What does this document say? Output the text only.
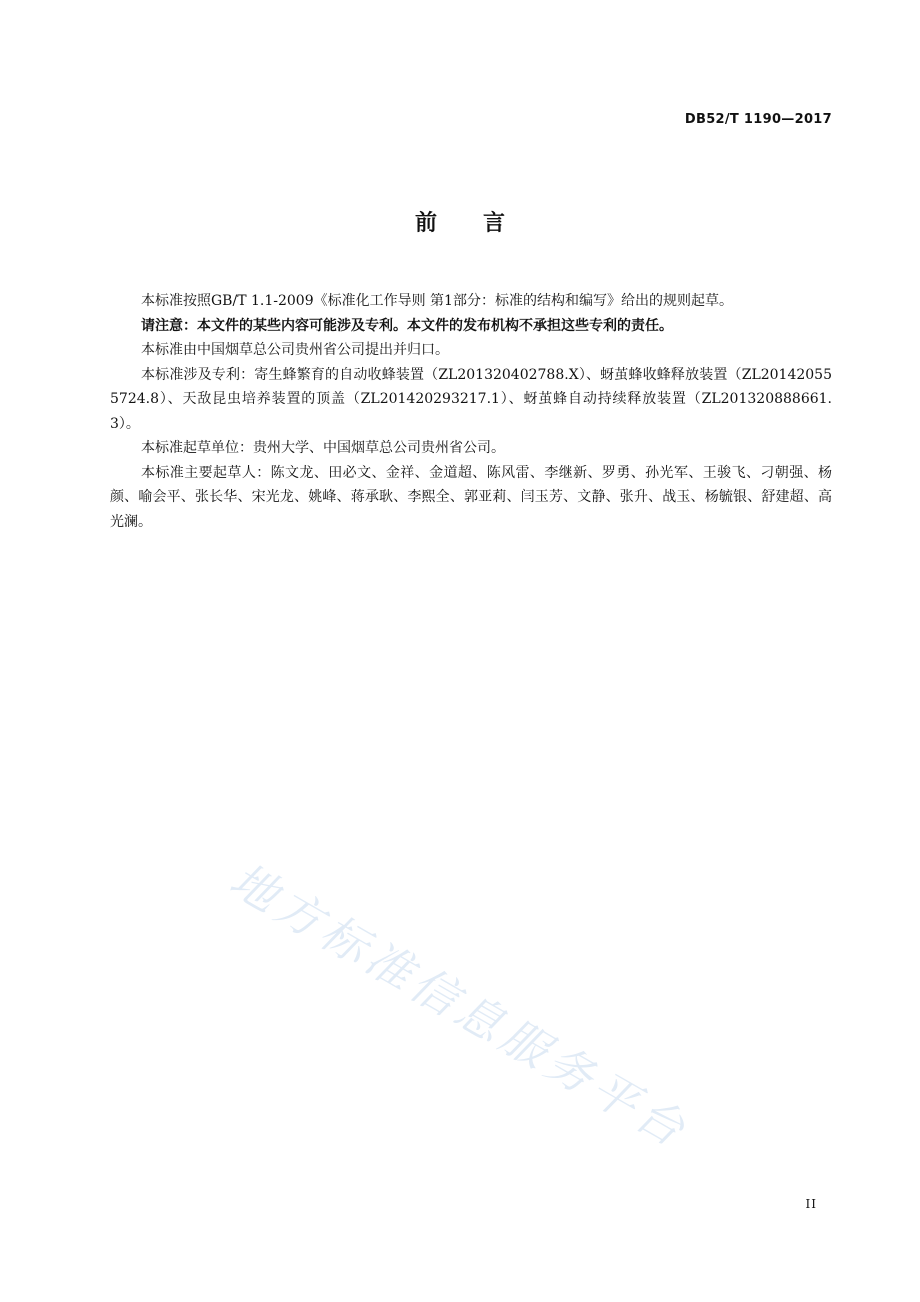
DB52/T 1190—2017
前 言

本标准按照GB/T 1.1-2009《标准化工作导则 第1部分：标准的结构和编写》给出的规则起草。

请注意：本文件的某些内容可能涉及专利。本文件的发布机构不承担这些专利的责任。

本标准由中国烟草总公司贵州省公司提出并归口。

本标准涉及专利：寄生蜂繁育的自动收蜂装置（ZL201320402788.X）、蚜茧蜂收蜂释放装置（ZL201420555724.8）、天敌昆虫培养装置的顶盖（ZL201420293217.1）、蚜茧蜂自动持续释放装置（ZL201320888661.3）。

本标准起草单位：贵州大学、中国烟草总公司贵州省公司。

本标准主要起草人：陈文龙、田必文、金祥、金道超、陈风雷、李继新、罗勇、孙光军、王骏飞、刁朝强、杨颜、喻会平、张长华、宋光龙、姚峰、蒋承耿、李熙全、郭亚莉、闫玉芳、文静、张升、战玉、杨毓银、舒建超、高光澜。

地方标准信息服务平台
II
